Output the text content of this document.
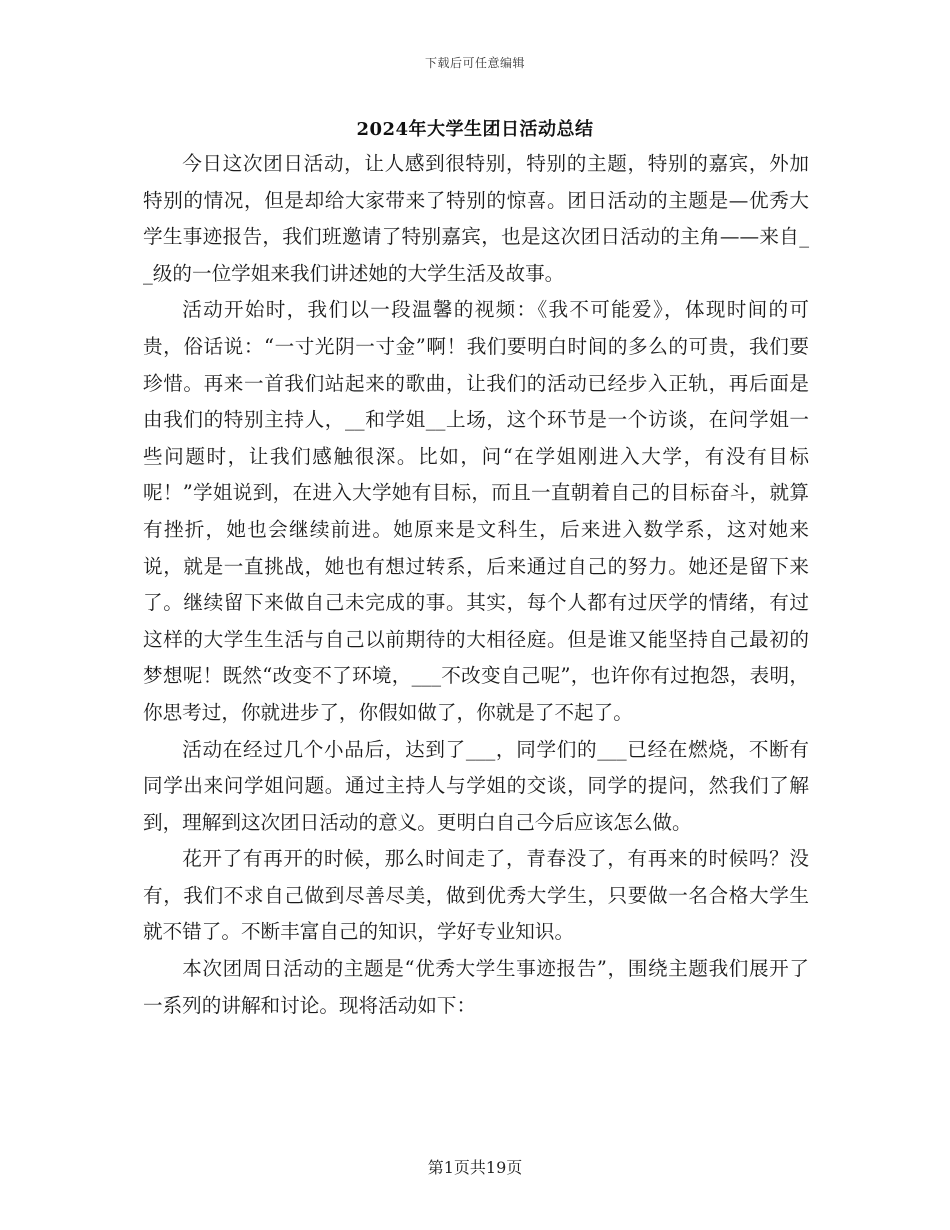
下载后可任意编辑
2024年大学生团日活动总结

今日这次团日活动，让人感到很特别，特别的主题，特别的嘉宾，外加特别的情况，但是却给大家带来了特别的惊喜。团日活动的主题是—优秀大学生事迹报告，我们班邀请了特别嘉宾，也是这次团日活动的主角——来自__级的一位学姐来我们讲述她的大学生活及故事。

活动开始时，我们以一段温馨的视频：《我不可能爱》，体现时间的可贵，俗话说：“一寸光阴一寸金”啊！我们要明白时间的多么的可贵，我们要珍惜。再来一首我们站起来的歌曲，让我们的活动已经步入正轨，再后面是由我们的特别主持人，__和学姐__上场，这个环节是一个访谈，在问学姐一些问题时，让我们感触很深。比如，问“在学姐刚进入大学，有没有目标呢！”学姐说到，在进入大学她有目标，而且一直朝着自己的目标奋斗，就算有挫折，她也会继续前进。她原来是文科生，后来进入数学系，这对她来说，就是一直挑战，她也有想过转系，后来通过自己的努力。她还是留下来了。继续留下来做自己未完成的事。其实，每个人都有过厌学的情绪，有过这样的大学生生活与自己以前期待的大相径庭。但是谁又能坚持自己最初的梦想呢！既然“改变不了环境，___不改变自己呢”，也许你有过抱怨，表明，你思考过，你就进步了，你假如做了，你就是了不起了。

活动在经过几个小品后，达到了___，同学们的___已经在燃烧，不断有同学出来问学姐问题。通过主持人与学姐的交谈，同学的提问，然我们了解到，理解到这次团日活动的意义。更明白自己今后应该怎么做。

花开了有再开的时候，那么时间走了，青春没了，有再来的时候吗？没有，我们不求自己做到尽善尽美，做到优秀大学生，只要做一名合格大学生就不错了。不断丰富自己的知识，学好专业知识。

本次团周日活动的主题是“优秀大学生事迹报告”，围绕主题我们展开了一系列的讲解和讨论。现将活动如下：

第1页共19页
